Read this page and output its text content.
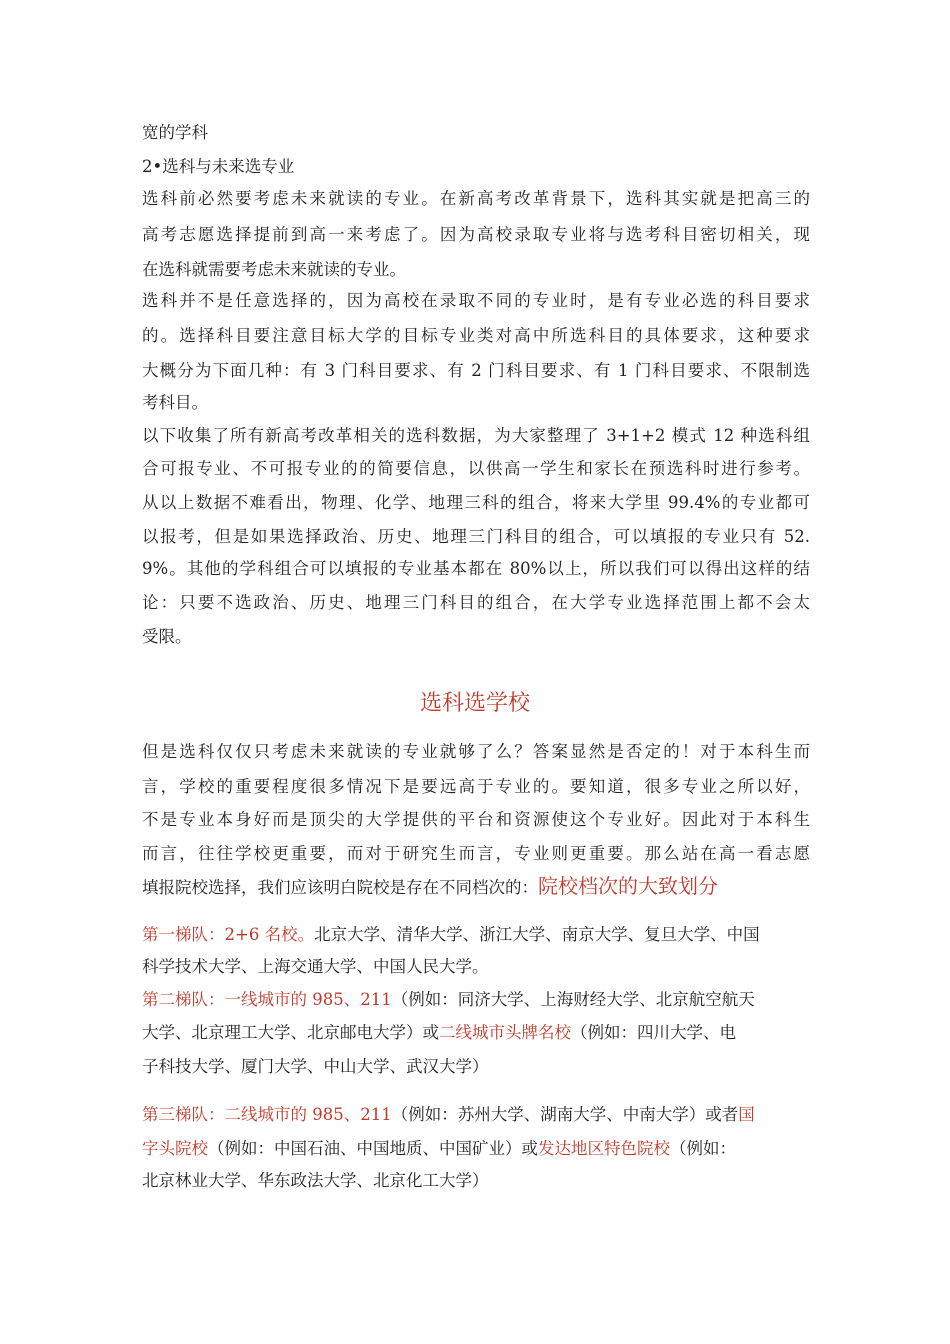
宽的学科
2•选科与未来选专业
选科前必然要考虑未来就读的专业。在新高考改革背景下，选科其实就是把高三的
高考志愿选择提前到高一来考虑了。因为高校录取专业将与选考科目密切相关，现
在选科就需要考虑未来就读的专业。
选科并不是任意选择的，因为高校在录取不同的专业时，是有专业必选的科目要求
的。选择科目要注意目标大学的目标专业类对高中所选科目的具体要求，这种要求
大概分为下面几种：有 3 门科目要求、有 2 门科目要求、有 1 门科目要求、不限制选
考科目。
以下收集了所有新高考改革相关的选科数据，为大家整理了 3+1+2 模式 12 种选科组
合可报专业、不可报专业的的简要信息，以供高一学生和家长在预选科时进行参考。
从以上数据不难看出，物理、化学、地理三科的组合，将来大学里 99.4%的专业都可
以报考，但是如果选择政治、历史、地理三门科目的组合，可以填报的专业只有 52.
9%。其他的学科组合可以填报的专业基本都在 80%以上，所以我们可以得出这样的结
论：只要不选政治、历史、地理三门科目的组合，在大学专业选择范围上都不会太
受限。
选科选学校
但是选科仅仅只考虑未来就读的专业就够了么？答案显然是否定的！对于本科生而
言，学校的重要程度很多情况下是要远高于专业的。要知道，很多专业之所以好，
不是专业本身好而是顶尖的大学提供的平台和资源使这个专业好。因此对于本科生
而言，往往学校更重要，而对于研究生而言，专业则更重要。那么站在高一看志愿
填报院校选择，我们应该明白院校是存在不同档次的：院校档次的大致划分
第一梯队：2+6 名校。北京大学、清华大学、浙江大学、南京大学、复旦大学、中国
科学技术大学、上海交通大学、中国人民大学。
第二梯队：一线城市的 985、211（例如：同济大学、上海财经大学、北京航空航天
大学、北京理工大学、北京邮电大学）或二线城市头牌名校（例如：四川大学、电
子科技大学、厦门大学、中山大学、武汉大学）
第三梯队：二线城市的 985、211（例如：苏州大学、湖南大学、中南大学）或者国
字头院校（例如：中国石油、中国地质、中国矿业）或发达地区特色院校（例如：
北京林业大学、华东政法大学、北京化工大学）
